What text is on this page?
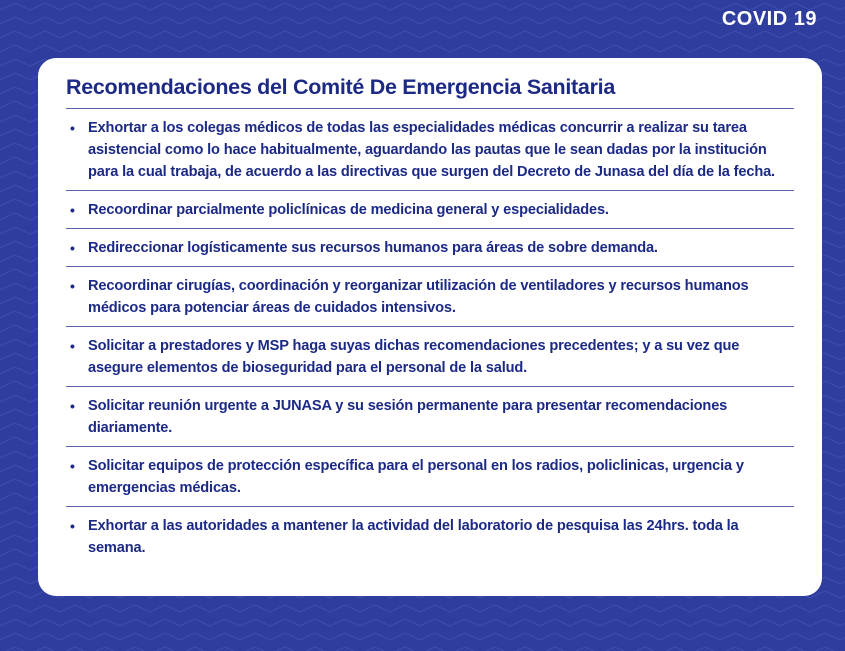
COVID 19
Recomendaciones del Comité De Emergencia Sanitaria
• Exhortar a los colegas médicos de todas las especialidades médicas concurrir a realizar su tarea asistencial como lo hace habitualmente, aguardando las pautas que le sean dadas por la institución para la cual trabaja, de acuerdo a las directivas que surgen del Decreto de Junasa del día de la fecha.
• Recoordinar parcialmente policlínicas de medicina general y especialidades.
• Redireccionar logísticamente sus recursos humanos para áreas de sobre demanda.
• Recoordinar cirugías, coordinación y reorganizar utilización de ventiladores y recursos humanos médicos para potenciar áreas de cuidados intensivos.
• Solicitar a prestadores y MSP haga suyas dichas recomendaciones precedentes; y a su vez que asegure elementos de bioseguridad para el personal de la salud.
• Solicitar reunión urgente a JUNASA y su sesión permanente para presentar recomendaciones diariamente.
• Solicitar equipos de protección específica para el personal en los radios, policlinicas, urgencia y emergencias médicas.
• Exhortar a las autoridades a mantener la actividad del laboratorio de pesquisa las 24hrs. toda la semana.
